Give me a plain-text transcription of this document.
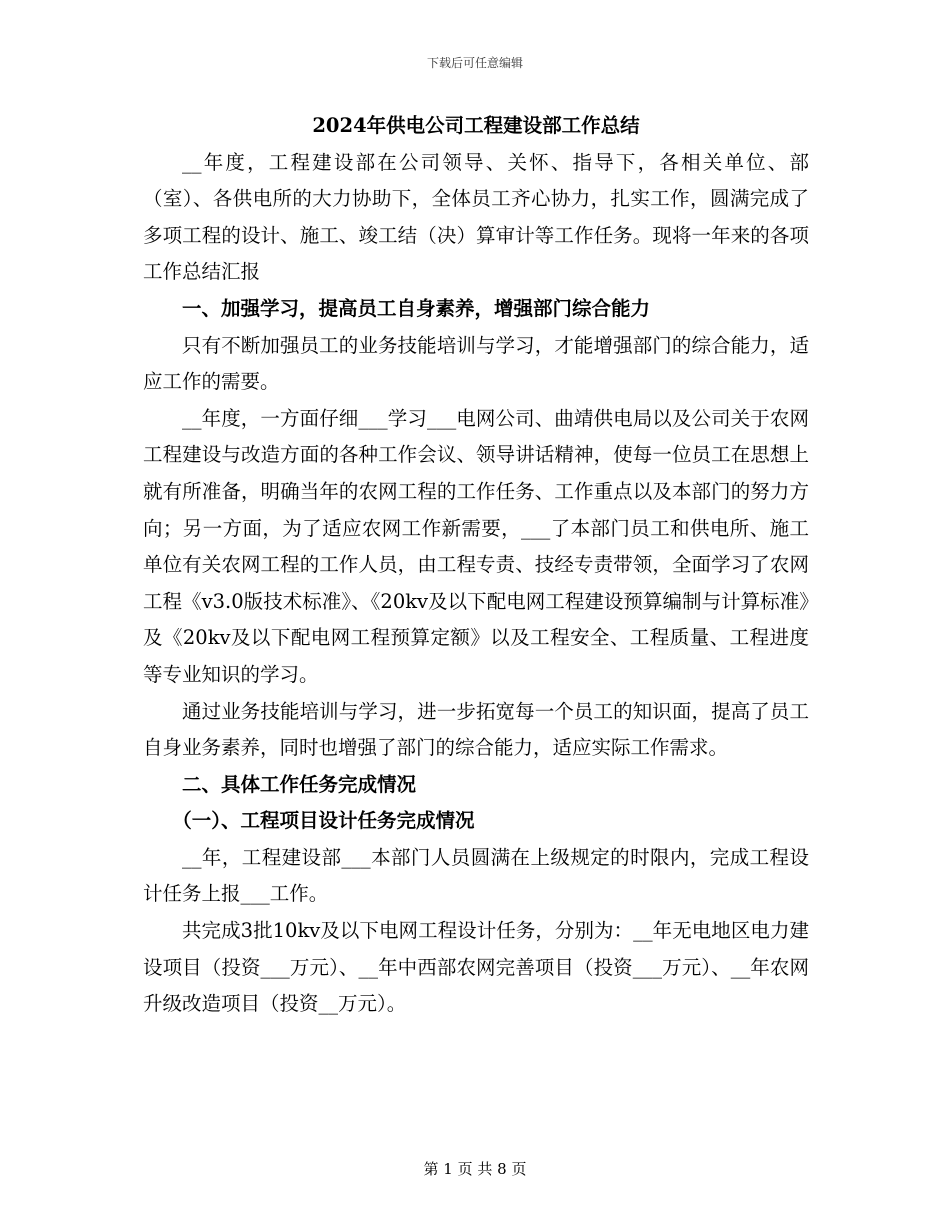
下载后可任意编辑

2024年供电公司工程建设部工作总结

__年度，工程建设部在公司领导、关怀、指导下，各相关单位、部（室）、各供电所的大力协助下，全体员工齐心协力，扎实工作，圆满完成了多项工程的设计、施工、竣工结（决）算审计等工作任务。现将一年来的各项工作总结汇报

一、加强学习，提高员工自身素养，增强部门综合能力

只有不断加强员工的业务技能培训与学习，才能增强部门的综合能力，适应工作的需要。

__年度，一方面仔细___学习___电网公司、曲靖供电局以及公司关于农网工程建设与改造方面的各种工作会议、领导讲话精神，使每一位员工在思想上就有所准备，明确当年的农网工程的工作任务、工作重点以及本部门的努力方向；另一方面，为了适应农网工作新需要，___了本部门员工和供电所、施工单位有关农网工程的工作人员，由工程专责、技经专责带领，全面学习了农网工程《v3.0版技术标准》、《20kv及以下配电网工程建设预算编制与计算标准》及《20kv及以下配电网工程预算定额》以及工程安全、工程质量、工程进度等专业知识的学习。

通过业务技能培训与学习，进一步拓宽每一个员工的知识面，提高了员工自身业务素养，同时也增强了部门的综合能力，适应实际工作需求。

二、具体工作任务完成情况

（一）、工程项目设计任务完成情况

__年，工程建设部___本部门人员圆满在上级规定的时限内，完成工程设计任务上报___工作。

共完成3批10kv及以下电网工程设计任务，分别为：__年无电地区电力建设项目（投资___万元）、__年中西部农网完善项目（投资___万元）、__年农网升级改造项目（投资__万元）。

第 1 页 共 8 页
